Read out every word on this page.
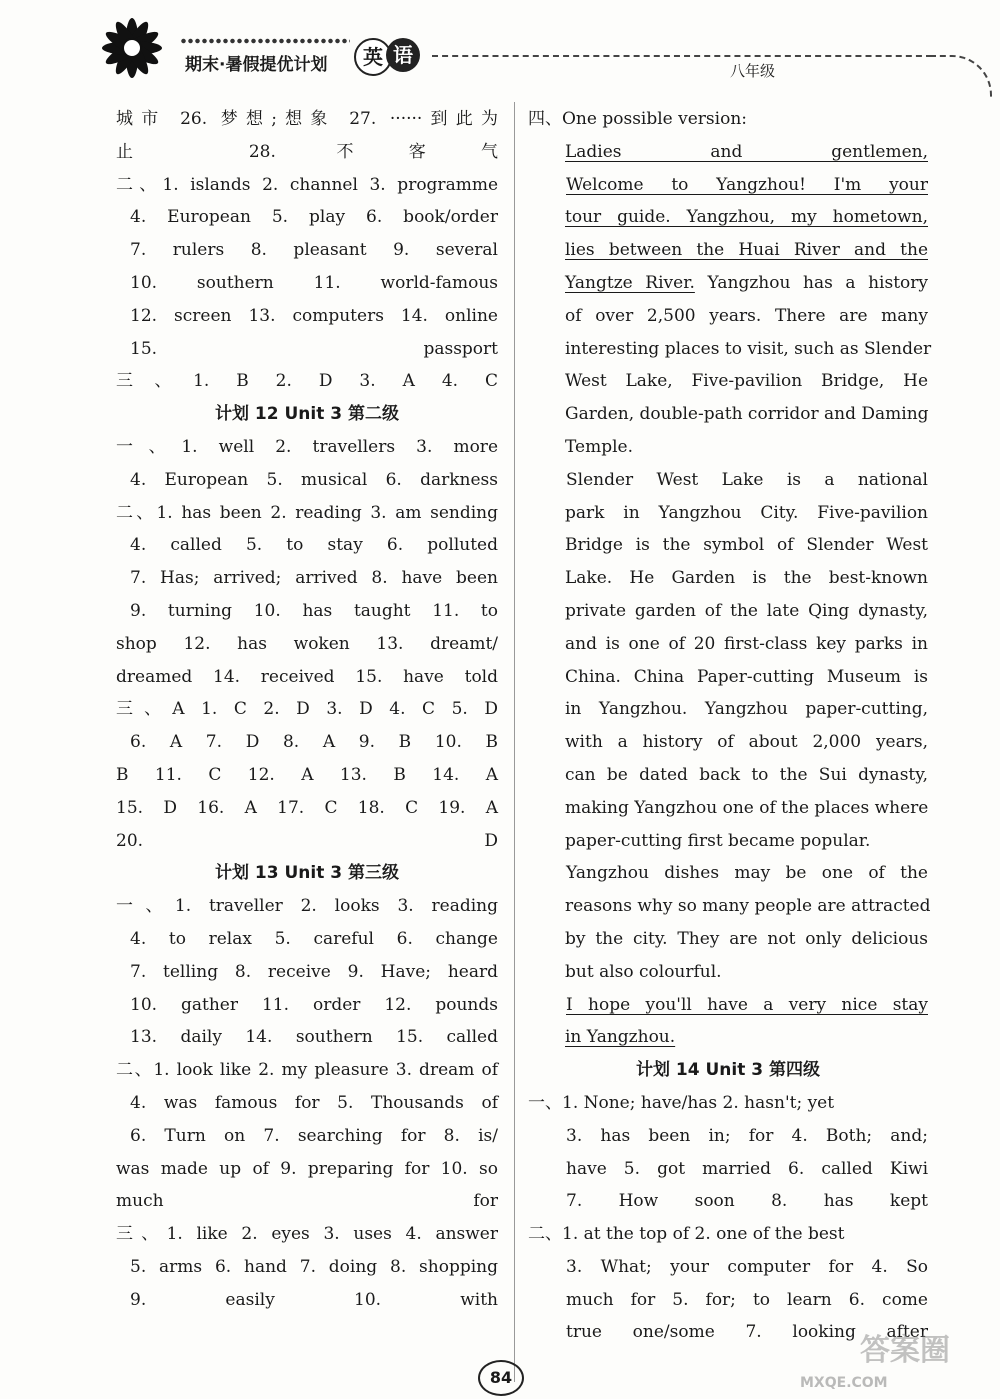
期末·暑假提优计划	英 语
八年级
城市 26. 梦想;想象 27. ······到此为
止 28. 不客气
二、1. islands 2. channel 3. programme
4. European 5. play 6. book/order
7. rulers 8. pleasant 9. several
10. southern 11. world-famous
12. screen 13. computers 14. online
15. passport
三、1. B 2. D 3. A 4. C
计划 12 Unit 3 第二级
一、1. well 2. travellers 3. more
4. European 5. musical 6. darkness
二、1. has been 2. reading 3. am sending
4. called 5. to stay 6. polluted
7. Has; arrived; arrived 8. have been
9. turning 10. has taught 11. to
shop 12. has woken 13. dreamt/
dreamed 14. received 15. have told
三、A 1. C 2. D 3. D 4. C 5. D
6. A 7. D 8. A 9. B 10. B
B 11. C 12. A 13. B 14. A
15. D 16. A 17. C 18. C 19. A
20. D
计划 13 Unit 3 第三级
一、1. traveller 2. looks 3. reading
4. to relax 5. careful 6. change
7. telling 8. receive 9. Have; heard
10. gather 11. order 12. pounds
13. daily 14. southern 15. called
二、1. look like 2. my pleasure 3. dream of
4. was famous for 5. Thousands of
6. Turn on 7. searching for 8. is/
was made up of 9. preparing for 10. so
much for
三、1. like 2. eyes 3. uses 4. answer
5. arms 6. hand 7. doing 8. shopping
9. easily 10. with
四、One possible version:
Ladies and gentlemen,
Welcome to Yangzhou! I'm your
tour guide. Yangzhou, my hometown,
lies between the Huai River and the
Yangtze River. Yangzhou has a history
of over 2,500 years. There are many
interesting places to visit, such as Slender
West Lake, Five-pavilion Bridge, He
Garden, double-path corridor and Daming
Temple.
Slender West Lake is a national
park in Yangzhou City. Five-pavilion
Bridge is the symbol of Slender West
Lake. He Garden is the best-known
private garden of the late Qing dynasty,
and is one of 20 first-class key parks in
China. China Paper-cutting Museum is
in Yangzhou. Yangzhou paper-cutting,
with a history of about 2,000 years,
can be dated back to the Sui dynasty,
making Yangzhou one of the places where
paper-cutting first became popular.
Yangzhou dishes may be one of the
reasons why so many people are attracted
by the city. They are not only delicious
but also colourful.
I hope you'll have a very nice stay
in Yangzhou.
计划 14 Unit 3 第四级
一、1. None; have/has 2. hasn't; yet
3. has been in; for 4. Both; and;
have 5. got married 6. called Kiwi
7. How soon 8. has kept
二、1. at the top of 2. one of the best
3. What; your computer for 4. So
much for 5. for; to learn 6. come
true one/some 7. looking after
84
答案圈
MXQE.COM
